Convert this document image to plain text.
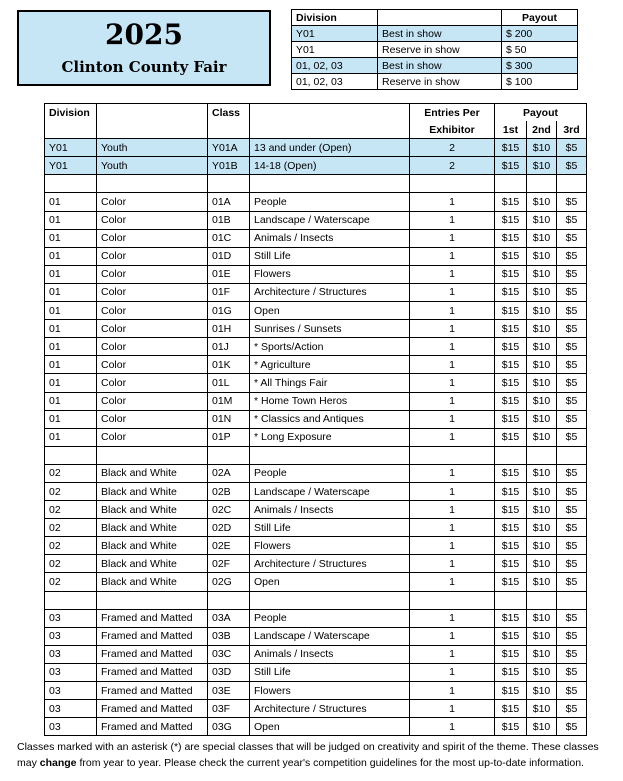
2025
Clinton County Fair
Division		Payout
Y01	Best in show	$ 200
Y01	Reserve in show	$ 50
01, 02, 03	Best in show	$ 300
01, 02, 03	Reserve in show	$ 100
Division		Class		Entries Per	Payout		
				Exhibitor	1st	2nd	3rd
Y01	Youth	Y01A	13 and under (Open)	2	$15	$10	$5
Y01	Youth	Y01B	14-18 (Open)	2	$15	$10	$5

01	Color	01A	People	1	$15	$10	$5
01	Color	01B	Landscape / Waterscape	1	$15	$10	$5
01	Color	01C	Animals / Insects	1	$15	$10	$5
01	Color	01D	Still Life	1	$15	$10	$5
01	Color	01E	Flowers	1	$15	$10	$5
01	Color	01F	Architecture / Structures	1	$15	$10	$5
01	Color	01G	Open	1	$15	$10	$5
01	Color	01H	Sunrises / Sunsets	1	$15	$10	$5
01	Color	01J	* Sports/Action	1	$15	$10	$5
01	Color	01K	* Agriculture	1	$15	$10	$5
01	Color	01L	* All Things Fair	1	$15	$10	$5
01	Color	01M	* Home Town Heros	1	$15	$10	$5
01	Color	01N	* Classics and Antiques	1	$15	$10	$5
01	Color	01P	* Long Exposure	1	$15	$10	$5

02	Black and White	02A	People	1	$15	$10	$5
02	Black and White	02B	Landscape / Waterscape	1	$15	$10	$5
02	Black and White	02C	Animals / Insects	1	$15	$10	$5
02	Black and White	02D	Still Life	1	$15	$10	$5
02	Black and White	02E	Flowers	1	$15	$10	$5
02	Black and White	02F	Architecture / Structures	1	$15	$10	$5
02	Black and White	02G	Open	1	$15	$10	$5

03	Framed and Matted	03A	People	1	$15	$10	$5
03	Framed and Matted	03B	Landscape / Waterscape	1	$15	$10	$5
03	Framed and Matted	03C	Animals / Insects	1	$15	$10	$5
03	Framed and Matted	03D	Still Life	1	$15	$10	$5
03	Framed and Matted	03E	Flowers	1	$15	$10	$5
03	Framed and Matted	03F	Architecture / Structures	1	$15	$10	$5
03	Framed and Matted	03G	Open	1	$15	$10	$5
Classes marked with an asterisk (*) are special classes that will be judged on creativity and spirit of the theme. These classes may change from year to year. Please check the current year's competition guidelines for the most up-to-date information.
